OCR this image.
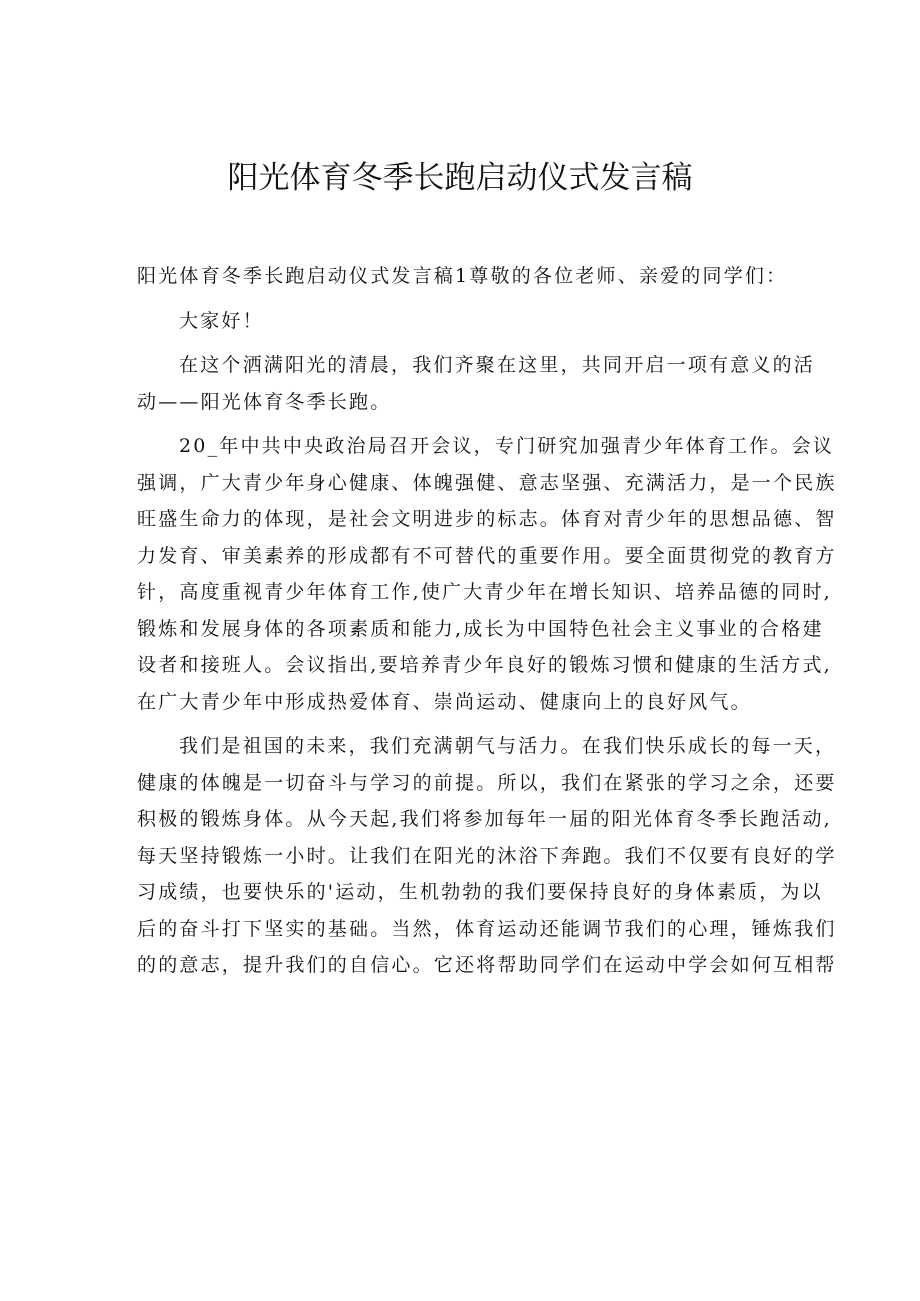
阳光体育冬季长跑启动仪式发言稿
阳光体育冬季长跑启动仪式发言稿1尊敬的各位老师、亲爱的同学们：
大家好！
在这个洒满阳光的清晨，我们齐聚在这里，共同开启一项有意义的活
动——阳光体育冬季长跑。
20_年中共中央政治局召开会议，专门研究加强青少年体育工作。会议
强调，广大青少年身心健康、体魄强健、意志坚强、充满活力，是一个民族
旺盛生命力的体现，是社会文明进步的标志。体育对青少年的思想品德、智
力发育、审美素养的形成都有不可替代的重要作用。要全面贯彻党的教育方
针，高度重视青少年体育工作,使广大青少年在增长知识、培养品德的同时,
锻炼和发展身体的各项素质和能力,成长为中国特色社会主义事业的合格建
设者和接班人。会议指出,要培养青少年良好的锻炼习惯和健康的生活方式,
在广大青少年中形成热爱体育、崇尚运动、健康向上的良好风气。
我们是祖国的未来，我们充满朝气与活力。在我们快乐成长的每一天，
健康的体魄是一切奋斗与学习的前提。所以，我们在紧张的学习之余，还要
积极的锻炼身体。从今天起,我们将参加每年一届的阳光体育冬季长跑活动,
每天坚持锻炼一小时。让我们在阳光的沐浴下奔跑。我们不仅要有良好的学
习成绩，也要快乐的'运动，生机勃勃的我们要保持良好的身体素质，为以
后的奋斗打下坚实的基础。当然，体育运动还能调节我们的心理，锤炼我们
的的意志，提升我们的自信心。它还将帮助同学们在运动中学会如何互相帮
